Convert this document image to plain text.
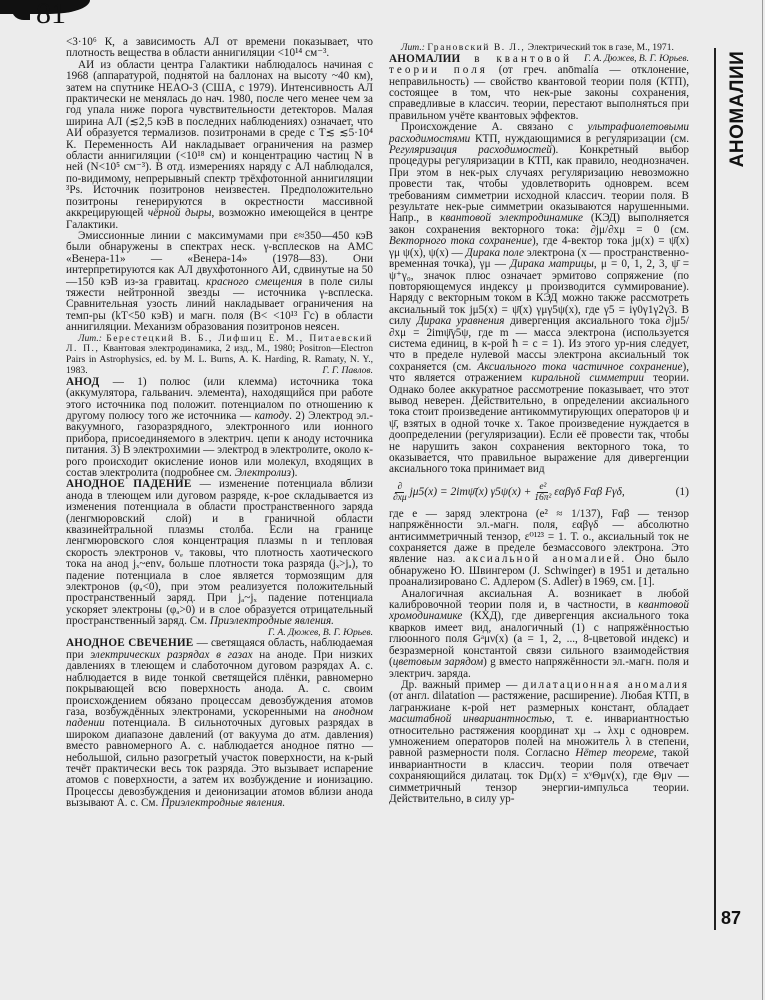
81

<3·10⁶ К, а зависимость АЛ от времени показывает, что плотность вещества в области аннигиляции <10¹⁴ см⁻³.

АИ из области центра Галактики наблюдалось начиная с 1968 (аппаратурой, поднятой на баллонах на высоту ~40 км), затем на спутнике HEAO-3 (США, с 1979). Интенсивность АЛ практически не менялась до нач. 1980, после чего менее чем за год упала ниже порога чувствительности детекторов. Малая ширина АЛ (≲2,5 кэВ в последних наблюдениях) означает, что АИ образуется термализов. позитронами в среде с T≲ ≲5·10⁴ К. Переменность АИ накладывает ограничения на размер области аннигиляции (<10¹⁸ см) и концентрацию частиц N в ней (N<10⁵ см⁻³). В отд. измерениях наряду с АЛ наблюдался, по-видимому, непрерывный спектр трёхфотонной аннигиляции ³Ps. Источник позитронов неизвестен. Предположительно позитроны генерируются в окрестности массивной аккрецирующей чёрной дыры, возможно имеющейся в центре Галактики.

Эмиссионные линии с максимумами при ε≈350—450 кэВ были обнаружены в спектрах неск. γ-всплесков на АМС «Венера-11» — «Венера-14» (1978—83). Они интерпретируются как АЛ двухфотонного АИ, сдвинутые на 50—150 кэВ из-за гравитац. красного смещения в поле силы тяжести нейтронной звезды — источника γ-всплеска. Сравнительная узость линий накладывает ограничения на темп-ры (kT<50 кэВ) и магн. поля (B< <10¹³ Гс) в области аннигиляции. Механизм образования позитронов неясен.

Лит.: Берестецкий В. Б., Лифшиц Е. М., Питаевский Л. П., Квантовая электродинамика, 2 изд., М., 1980; Positron—Electron Pairs in Astrophysics, ed. by M. L. Burns, A. K. Harding, R. Ramaty, N. Y., 1983.	Г. Г. Павлов.

АНОД — 1) полюс (или клемма) источника тока (аккумулятора, гальванич. элемента), находящийся при работе этого источника под положит. потенциалом по отношению к другому полюсу того же источника — катоду. 2) Электрод эл.-вакуумного, газоразрядного, электронного или ионного прибора, присоединяемого в электрич. цепи к аноду источника питания. 3) В электрохимии — электрод в электролите, около к-рого происходит окисление ионов или молекул, входящих в состав электролита (подробнее см. Электролиз).

АНОДНОЕ ПАДЕНИЕ — изменение потенциала вблизи анода в тлеющем или дуговом разряде, к-рое складывается из изменения потенциала в области пространственного заряда (ленгмюровский слой) и в граничной области квазинейтральной плазмы столба. Если на границе ленгмюровского слоя концентрация плазмы n и тепловая скорость электронов vₑ таковы, что плотность хаотического тока на анод jₓ~envₑ больше плотности тока разряда (jₓ>jₐ), то падение потенциала в слое является тормозящим для электронов (φₐ<0), при этом реализуется положительный пространственный заряд. При jₐ~jₓ падение потенциала ускоряет электроны (φₐ>0) и в слое образуется отрицательный пространственный заряд. См. Приэлектродные явления.

Г. А. Дюжев, В. Г. Юрьев.

АНОДНОЕ СВЕЧЕНИЕ — светящаяся область, наблюдаемая при электрических разрядах в газах на аноде. При низких давлениях в тлеющем и слаботочном дуговом разрядах А. с. наблюдается в виде тонкой светящейся плёнки, равномерно покрывающей всю поверхность анода. А. с. своим происхождением обязано процессам девозбуждения атомов газа, возбуждённых электронами, ускоренными на анодном падении потенциала. В сильноточных дуговых разрядах в широком диапазоне давлений (от вакуума до атм. давления) вместо равномерного А. с. наблюдается анодное пятно — небольшой, сильно разогретый участок поверхности, на к-рый течёт практически весь ток разряда. Это вызывает испарение атомов с поверхности, а затем их возбуждение и ионизацию. Процессы девозбуждения и деионизации атомов вблизи анода вызывают А. с. См. Приэлектродные явления.

Лит.: Грановский В. Л., Электрический ток в газе, М., 1971.
Г. А. Дюжев, В. Г. Юрьев.

АНОМАЛИИ в квантовой теории поля (от греч. anōmalía — отклонение, неправильность) — свойство квантовой теории поля (КТП), состоящее в том, что нек-рые законы сохранения, справедливые в классич. теории, перестают выполняться при правильном учёте квантовых эффектов.

Происхождение А. связано с ультрафиолетовыми расходимостями КТП, нуждающимися в регуляризации (см. Регуляризация расходимостей). Конкретный выбор процедуры регуляризации в КТП, как правило, неоднозначен. При этом в нек-рых случаях регуляризацию невозможно провести так, чтобы удовлетворить одноврем. всем требованиям симметрии исходной классич. теории поля. В результате нек-рые симметрии оказываются нарушенными. Напр., в квантовой электродинамике (КЭД) выполняется закон сохранения векторного тока: ∂jμ/∂xμ = 0 (см. Векторного тока сохранение), где 4-вектор тока jμ(x) = ψ̄(x) γμ ψ(x), ψ(x) — Дирака поле электрона (x — пространственно-временная точка), γμ — Дирака матрицы, μ = 0, 1, 2, 3, ψ̄ = ψ⁺γ₀, значок плюс означает эрмитово сопряжение (по повторяющемуся индексу μ производится суммирование). Наряду с векторным током в КЭД можно также рассмотреть аксиальный ток jμ5(x) = ψ̄(x) γμγ5ψ(x), где γ5 = iγ0γ1γ2γ3. В силу Дирака уравнения дивергенция аксиального тока ∂jμ5/∂xμ = 2imψ̄γ5ψ, где m — масса электрона (используется система единиц, в к-рой ħ = c = 1). Из этого ур-ния следует, что в пределе нулевой массы электрона аксиальный ток сохраняется (см. Аксиального тока частичное сохранение), что является отражением киральной симметрии теории. Однако более аккуратное рассмотрение показывает, что этот вывод неверен. Действительно, в определении аксиального тока стоит произведение антикоммутирующих операторов ψ и ψ̄, взятых в одной точке x. Такое произведение нуждается в доопределении (регуляризации). Если её провести так, чтобы не нарушить закон сохранения векторного тока, то оказывается, что правильное выражение для дивергенции аксиального тока принимает вид

$\frac{\partial}{\partial x\mu} j\mu 5(x)$ = 2imψ̄(x) $\gamma 5\psi(x) + \frac{\text{e²}}{\text{16π²}}$ εαβγδ Fαβ Fγδ,	(1)

где e — заряд электрона (e² ≈ 1/137), Fαβ — тензор напряжённости эл.-магн. поля, εαβγδ — абсолютно антисимметричный тензор, ε⁰¹²³ = 1. Т. о., аксиальный ток не сохраняется даже в пределе безмассового электрона. Это явление наз. аксиальной аномалией. Оно было обнаружено Ю. Швингером (J. Schwinger) в 1951 и детально проанализировано С. Адлером (S. Adler) в 1969, см. [1].

Аналогичная аксиальная А. возникает в любой калибровочной теории поля и, в частности, в квантовой хромодинамике (КХД), где дивергенция аксиального тока кварков имеет вид, аналогичный (1) с напряжённостью глюонного поля Gᵃμν(x) (a = 1, 2, ..., 8-цветовой индекс) и безразмерной константой связи сильного взаимодействия (цветовым зарядом) g вместо напряжённости эл.-магн. поля и электрич. заряда.

Др. важный пример — дилатационная аномалия (от англ. dilatation — растяжение, расширение). Любая КТП, в лагранжиане к-рой нет размерных констант, обладает масштабной инвариантностью, т. е. инвариантностью относительно растяжения координат xμ → λxμ с одноврем. умножением операторов полей на множитель λ в степени, равной размерности поля. Согласно Нётер теореме, такой инвариантности в классич. теории поля отвечает сохраняющийся дилатац. ток Dμ(x) = xᵛΘμν(x), где Θμν — симметричный тензор энергии-импульса теории. Действительно, в силу ур-

АНОМАЛИИ
87
